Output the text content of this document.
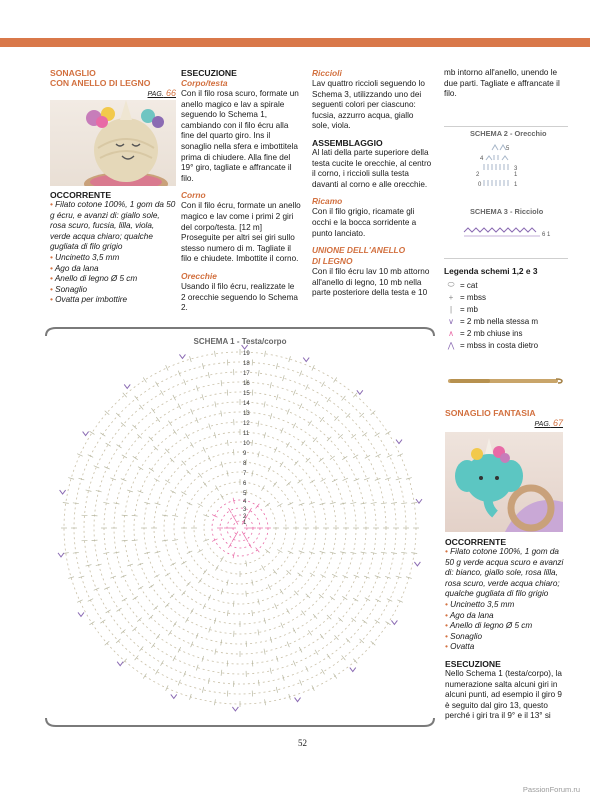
SONAGLIO
CON ANELLO DI LEGNO
PAG. 66
OCCORRENTE
• Filato cotone 100%, 1 gom da 50 g écru, e avanzi di: giallo sole, rosa scuro, fucsia, lilla, viola, verde acqua chiaro; qualche gugliata di filo grigio
• Uncinetto 3,5 mm
• Ago da lana
• Anello di legno Ø 5 cm
• Sonaglio
• Ovatta per imbottire
ESECUZIONE
Corpo/testa
Con il filo rosa scuro, formate un anello magico e lav a spirale seguendo lo Schema 1, cambiando con il filo écru alla fine del quarto giro. Ins il sonaglio nella sfera e imbottitela prima di chiudere. Alla fine del 19° giro, tagliate e affrancate il filo.
Corno
Con il filo écru, formate un anello magico e lav come i primi 2 giri del corpo/testa. [12 m] Proseguite per altri sei giri sullo stesso numero di m. Tagliate il filo e chiudete. Imbottite il corno.
Orecchie
Usando il filo écru, realizzate le 2 orecchie seguendo lo Schema 2.
Riccioli
Lav quattro riccioli seguendo lo Schema 3, utilizzando uno dei seguenti colori per ciascuno: fucsia, azzurro acqua, giallo sole, viola.
ASSEMBLAGGIO
Al lati della parte superiore della testa cucite le orecchie, al centro il corno, i riccioli sulla testa davanti al corno e alle orecchie.
Ricamo
Con il filo grigio, ricamate gli occhi e la bocca sorridente a punto lanciato.
UNIONE DELL'ANELLO
DI LEGNO
Con il filo écru lav 10 mb attorno all'anello di legno, 10 mb nella parte posteriore della testa e 10
mb intorno all'anello, unendo le due parti. Tagliate e affrancate il filo.
SCHEMA 2 - Orecchio
5
4
3
2	1
0	1
SCHEMA 3 - Ricciolo
6 1
Legenda schemi 1,2 e 3
⬭ = cat
+ = mbss
| = mb
∨ = 2 mb nella stessa m
∧ = 2 mb chiuse ins
⋀ = mbss in costa dietro
SONAGLIO FANTASIA
PAG. 67
OCCORRENTE
• Filato cotone 100%, 1 gom da 50 g verde acqua scuro e avanzi di: bianco, giallo sole, rosa lilla, rosa scuro, verde acqua chiaro; qualche gugliata di filo grigio
• Uncinetto 3,5 mm
• Ago da lana
• Anello di legno Ø 5 cm
• Sonaglio
• Ovatta
ESECUZIONE
Nello Schema 1 (testa/corpo), la numerazione salta alcuni giri in alcuni punti, ad esempio il giro 9 è seguito dal giro 13, questo perché i giri tra il 9° e il 13° si
SCHEMA 1 - Testa/corpo
19
18
17
16
15
14
13
12
11
10
9
8
7
6
5
4
3
2
1
52
PassionForum.ru
